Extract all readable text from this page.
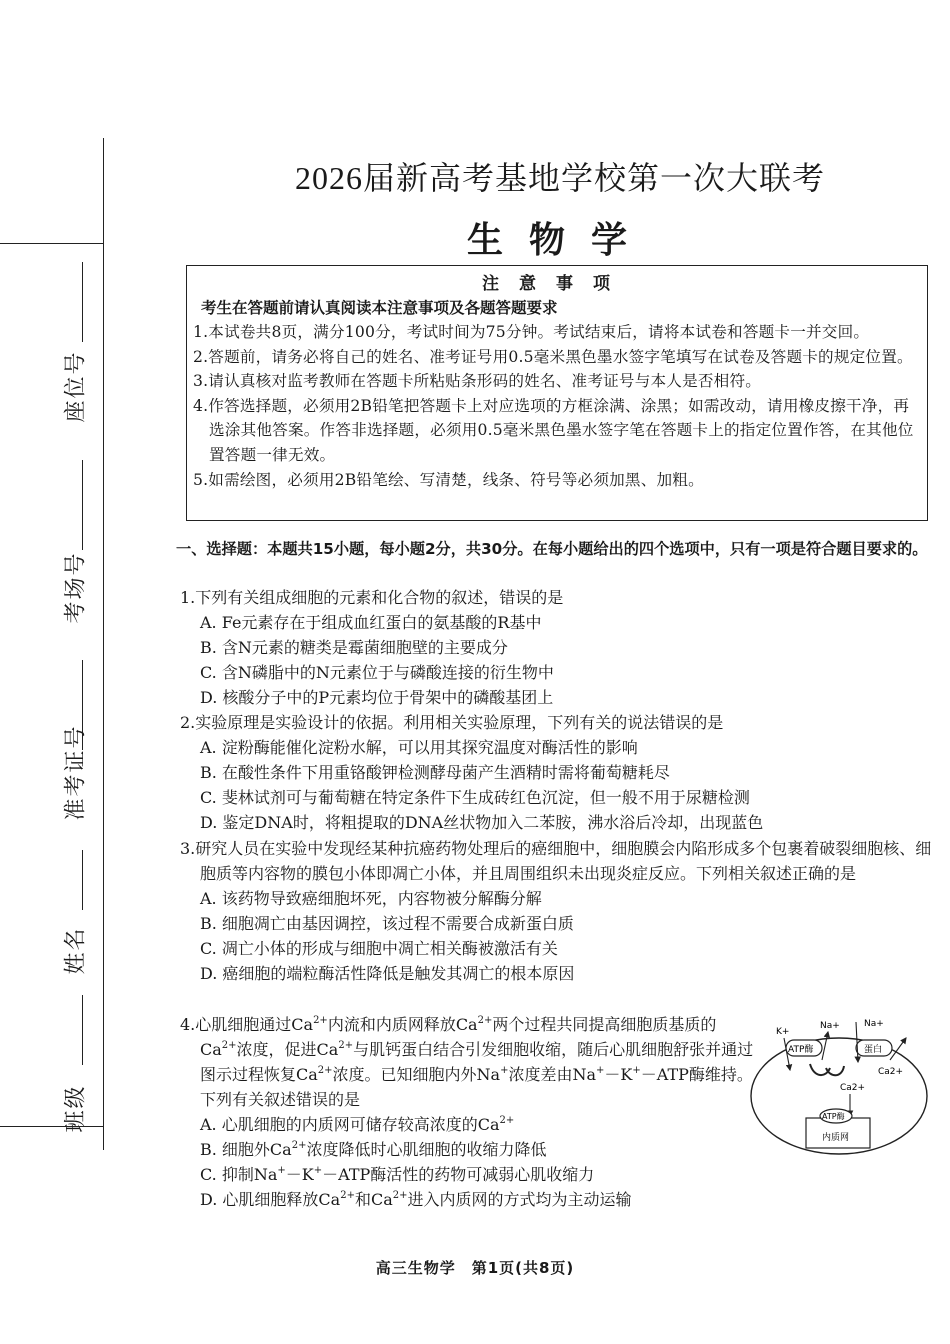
座位号
考场号
准考证号
姓名
班级
2026届新高考基地学校第一次大联考
生物学
注意事项
考生在答题前请认真阅读本注意事项及各题答题要求
1.本试卷共8页，满分100分，考试时间为75分钟。考试结束后，请将本试卷和答题卡一并交回。
2.答题前，请务必将自己的姓名、准考证号用0.5毫米黑色墨水签字笔填写在试卷及答题卡的规定位置。
3.请认真核对监考教师在答题卡所粘贴条形码的姓名、准考证号与本人是否相符。
4.作答选择题，必须用2B铅笔把答题卡上对应选项的方框涂满、涂黑；如需改动，请用橡皮擦干净，再选涂其他答案。作答非选择题，必须用0.5毫米黑色墨水签字笔在答题卡上的指定位置作答，在其他位置答题一律无效。
5.如需绘图，必须用2B铅笔绘、写清楚，线条、符号等必须加黑、加粗。
一、选择题：本题共15小题，每小题2分，共30分。在每小题给出的四个选项中，只有一项是符合题目要求的。
1.下列有关组成细胞的元素和化合物的叙述，错误的是
A. Fe元素存在于组成血红蛋白的氨基酸的R基中
B. 含N元素的糖类是霉菌细胞壁的主要成分
C. 含N磷脂中的N元素位于与磷酸连接的衍生物中
D. 核酸分子中的P元素均位于骨架中的磷酸基团上
2.实验原理是实验设计的依据。利用相关实验原理，下列有关的说法错误的是
A. 淀粉酶能催化淀粉水解，可以用其探究温度对酶活性的影响
B. 在酸性条件下用重铬酸钾检测酵母菌产生酒精时需将葡萄糖耗尽
C. 斐林试剂可与葡萄糖在特定条件下生成砖红色沉淀，但一般不用于尿糖检测
D. 鉴定DNA时，将粗提取的DNA丝状物加入二苯胺，沸水浴后冷却，出现蓝色
3.研究人员在实验中发现经某种抗癌药物处理后的癌细胞中，细胞膜会内陷形成多个包裹着破裂细胞核、细胞质等内容物的膜包小体即凋亡小体，并且周围组织未出现炎症反应。下列相关叙述正确的是
A. 该药物导致癌细胞坏死，内容物被分解酶分解
B. 细胞凋亡由基因调控，该过程不需要合成新蛋白质
C. 凋亡小体的形成与细胞中凋亡相关酶被激活有关
D. 癌细胞的端粒酶活性降低是触发其凋亡的根本原因
4.心肌细胞通过$Ca^{2+}$内流和内质网释放$Ca^{2+}$两个过程共同提高细胞质基质的$Ca^{2+}$浓度，促进$Ca^{2+}$与肌钙蛋白结合引发细胞收缩，随后心肌细胞舒张并通过图示过程恢复$Ca^{2+}$浓度。已知细胞内外Na+浓度差由Na+－K+－ATP酶维持。下列有关叙述错误的是
A. 心肌细胞的内质网可储存较高浓度的$Ca^{2+}$
B. 细胞外$Ca^{2+}$浓度降低时心肌细胞的收缩力降低
C. 抑制Na+－K+－ATP酶活性的药物可减弱心肌收缩力
D. 心肌细胞释放$Ca^{2+}$和$Ca^{2+}$进入内质网的方式均为主动运输
ATP酶	蛋白
K+
Na+	Na+
Ca2+
Ca2+
ATP酶
内质网
高三生物学　第1页(共8页)
